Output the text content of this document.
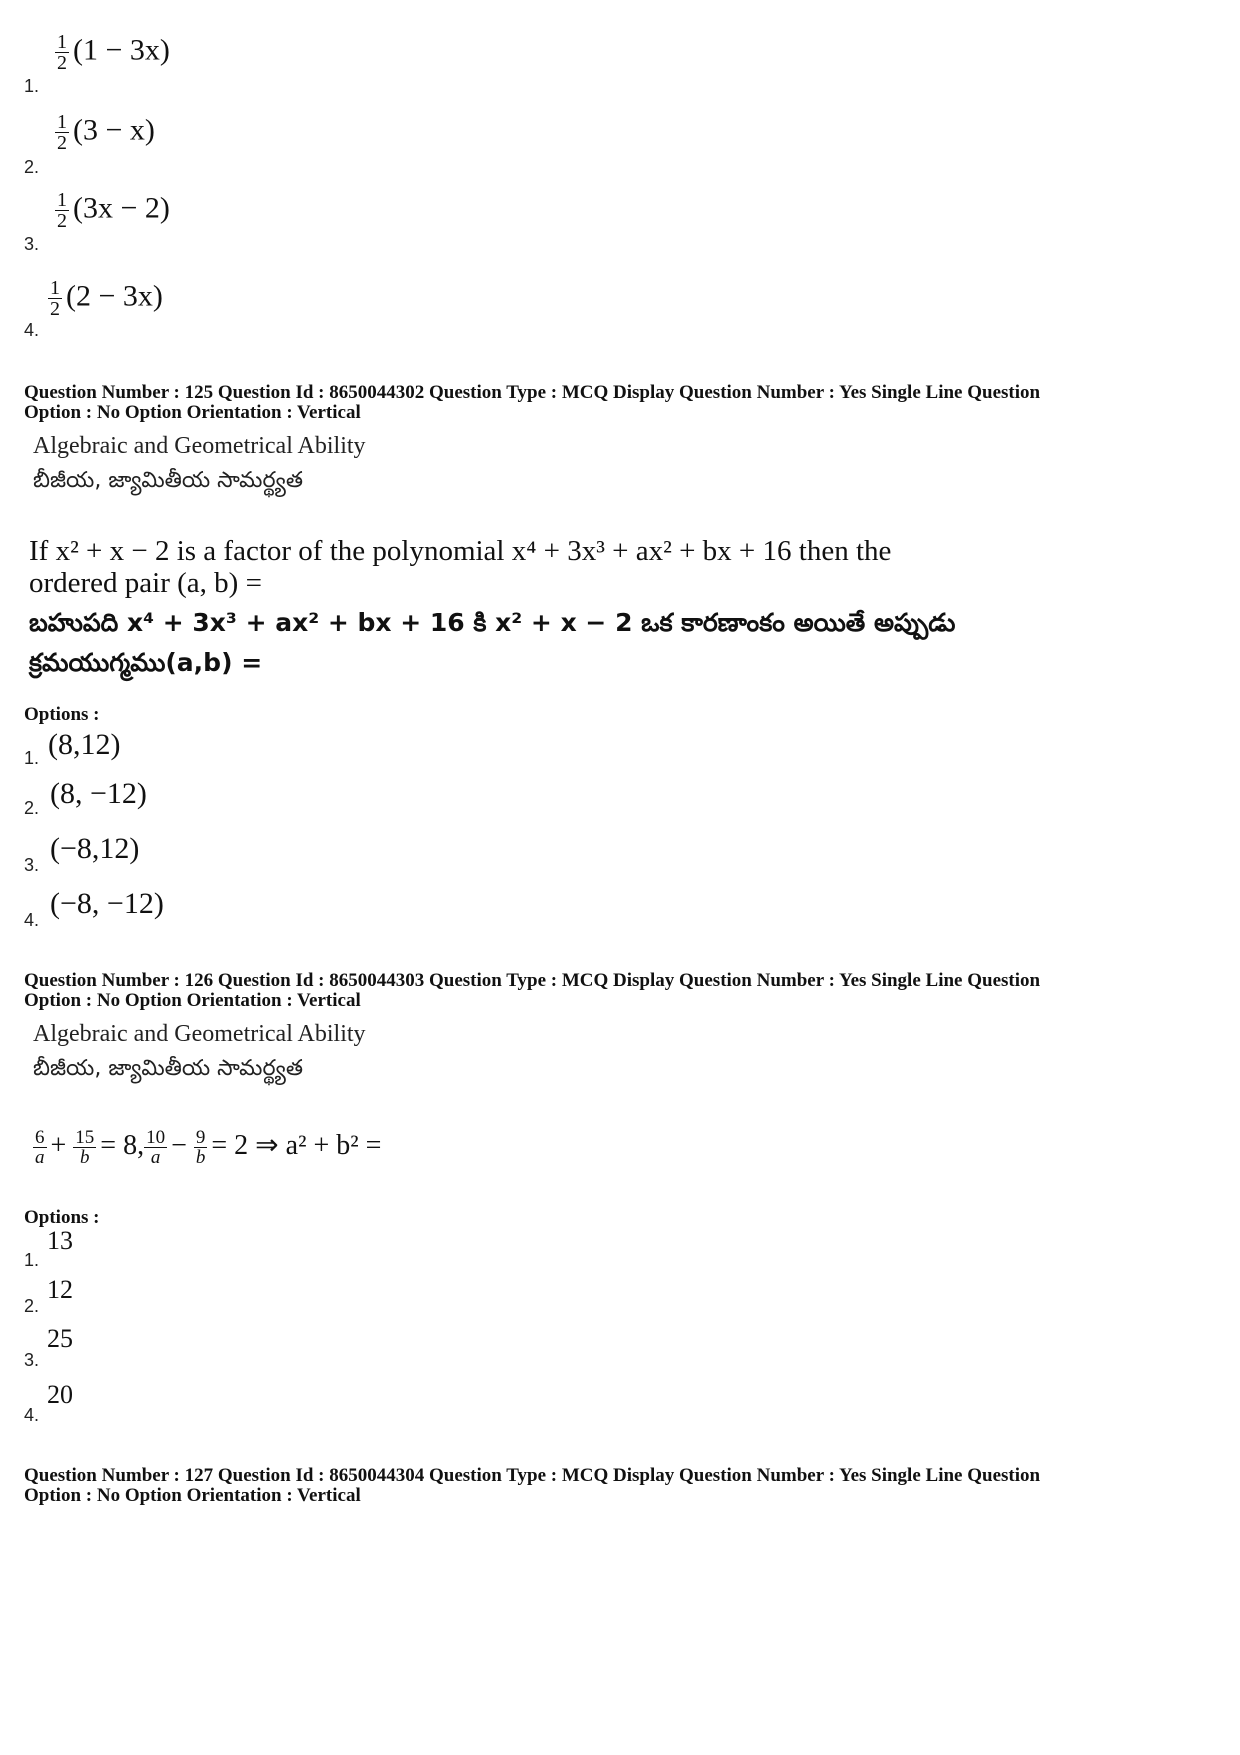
1.
$\frac{1}{2} (1 - 3x)$
2.
$\frac{1}{2} (3 - x)$
3.
$\frac{1}{2} (3x - 2)$
4.
$\frac{1}{2} (2 - 3x)$
Question Number : 125 Question Id : 8650044302 Question Type : MCQ Display Question Number : Yes Single Line Question
Option : No Option Orientation : Vertical
Algebraic and Geometrical Ability
బీజీయ, జ్యామితీయ సామర్థ్యత
If x² + x − 2 is a factor of the polynomial x⁴ + 3x³ + ax² + bx + 16 then the
ordered pair (a, b) =
బహుపది x⁴ + 3x³ + ax² + bx + 16 కి x² + x − 2 ఒక కారణాంకం అయితే అప్పుడు
క్రమయుగ్మము(a,b) =
Options :
1. (8,12)
2. (8, −12)
3. (−8,12)
4. (−8, −12)
Question Number : 126 Question Id : 8650044303 Question Type : MCQ Display Question Number : Yes Single Line Question
Option : No Option Orientation : Vertical
Algebraic and Geometrical Ability
బీజీయ, జ్యామితీయ సామర్థ్యత
$\frac{6}{a} + \frac{15}{b} = 8$, $\frac{10}{a} - \frac{9}{b} = 2$ ⇒ a² + b² =
Options :
1.
13
2.
12
3.
25
4.
20
Question Number : 127 Question Id : 8650044304 Question Type : MCQ Display Question Number : Yes Single Line Question
Option : No Option Orientation : Vertical
